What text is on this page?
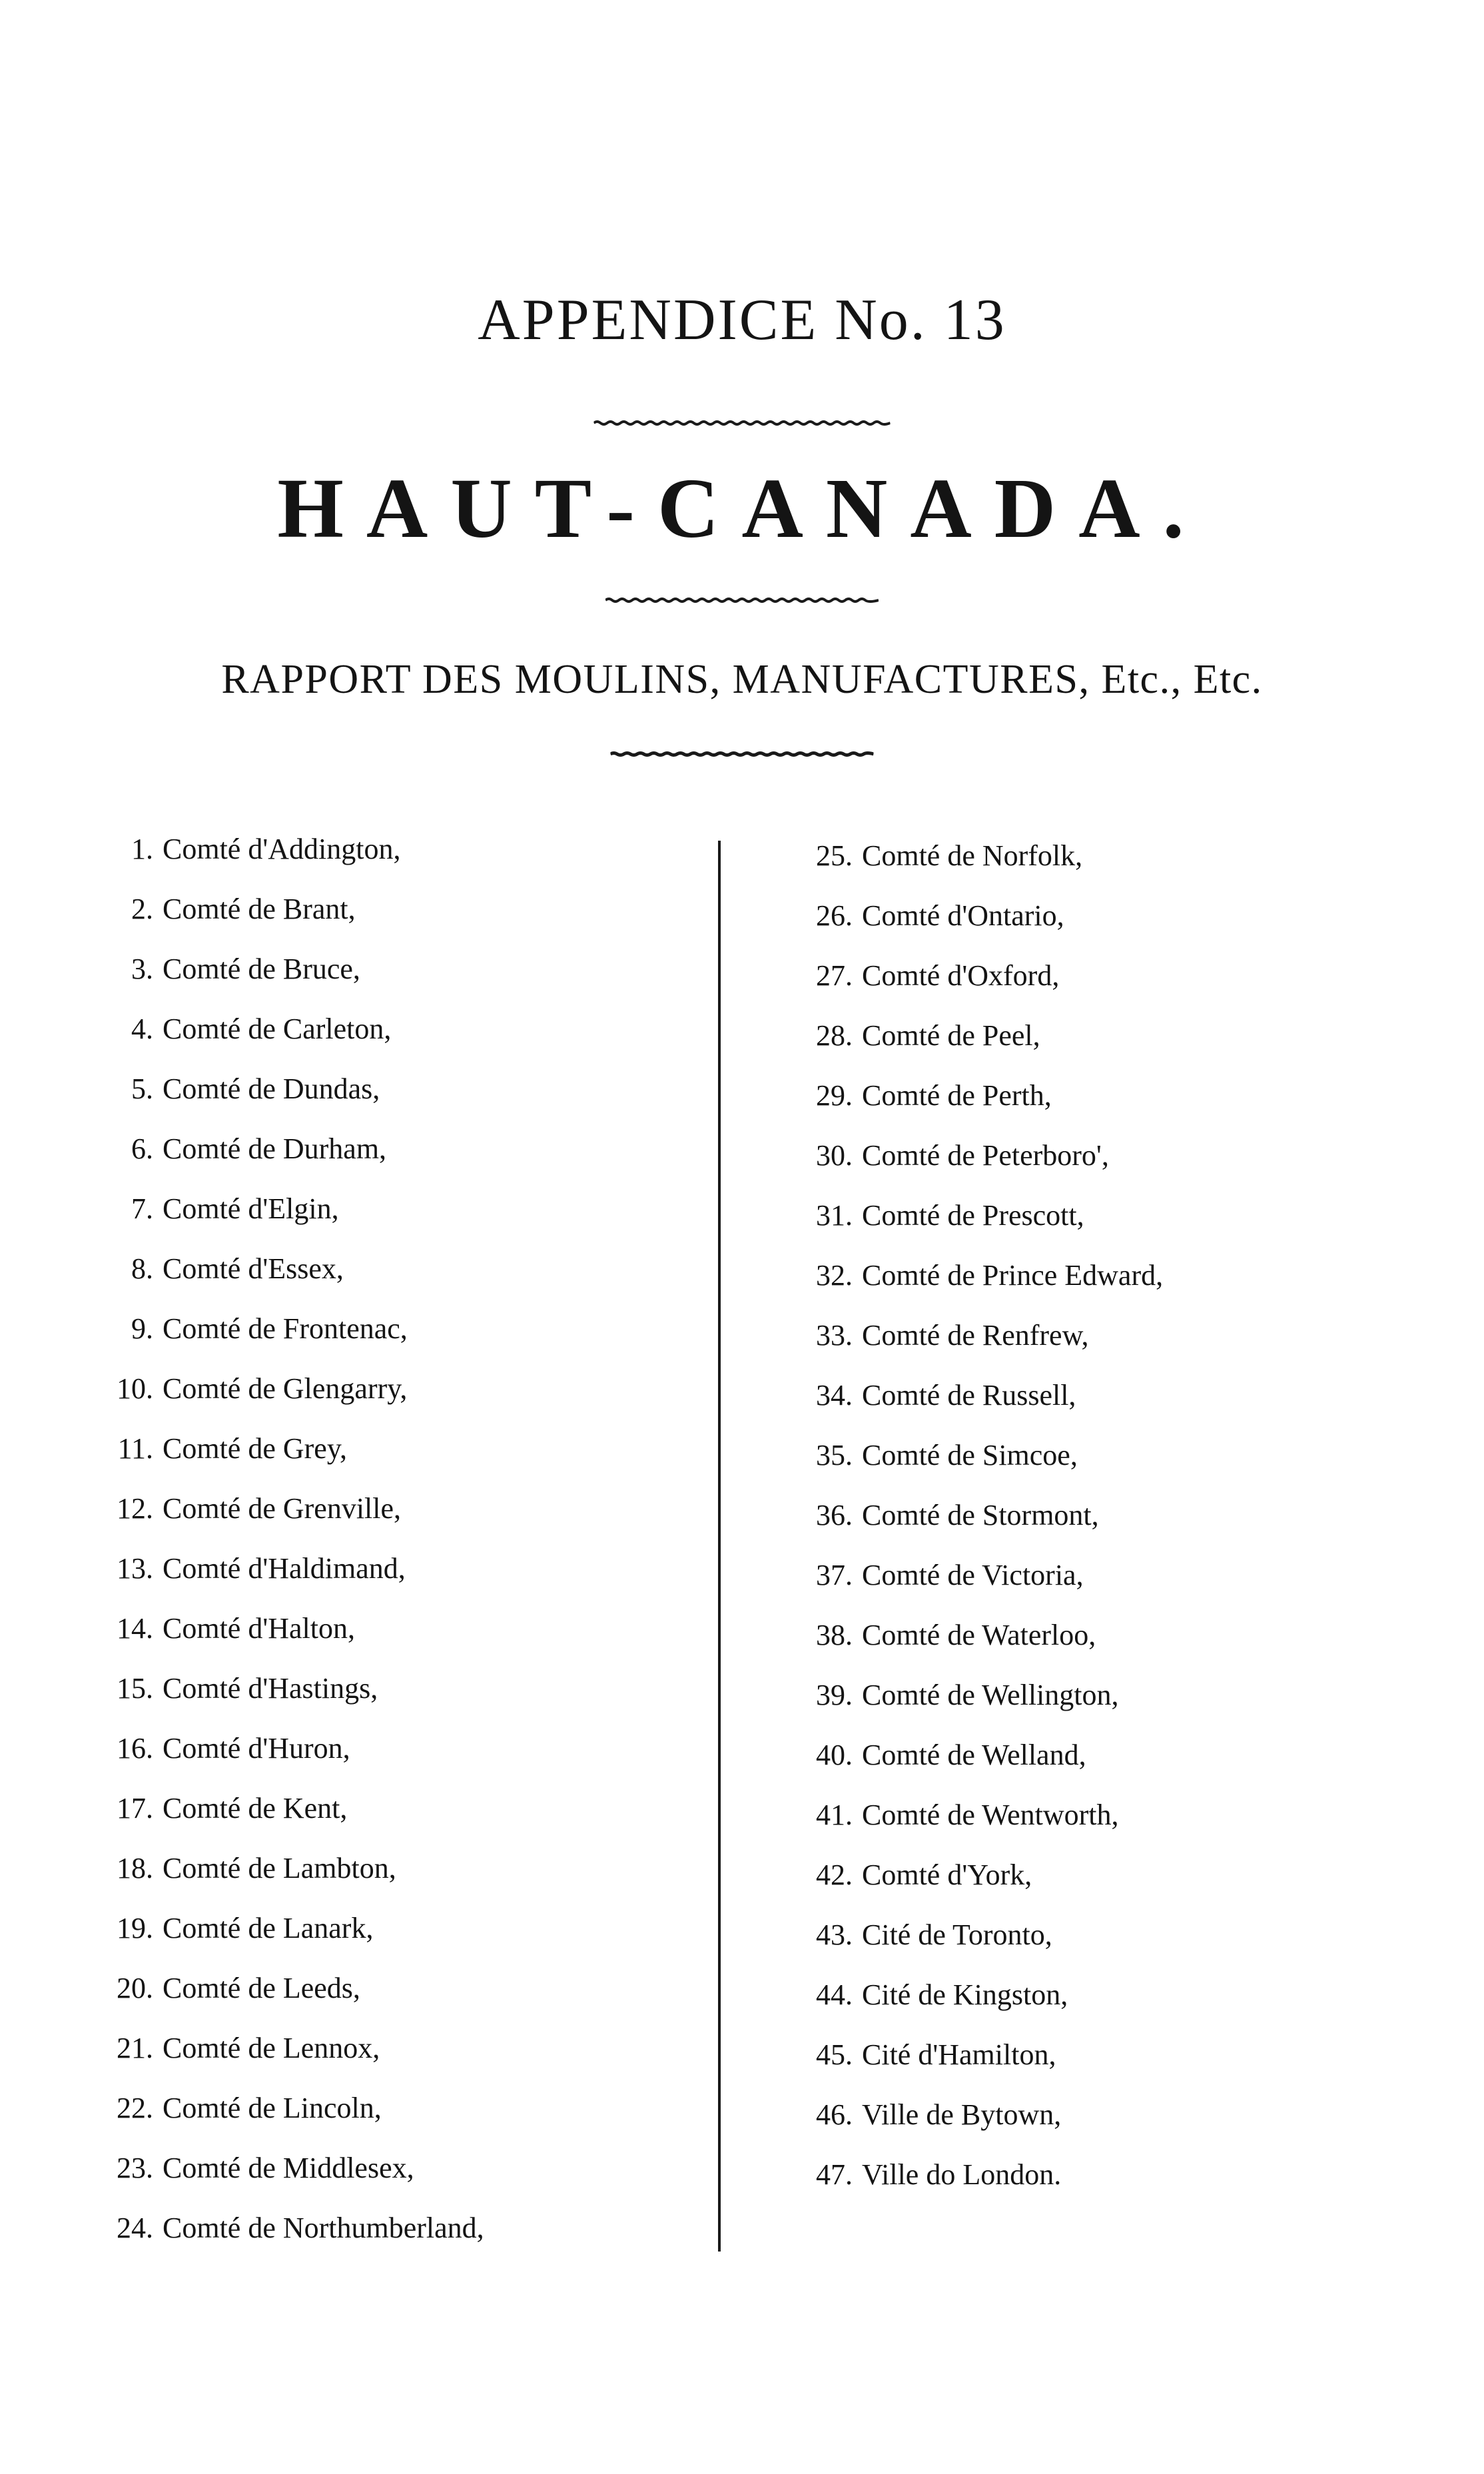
APPENDICE No. 13
HAUT-CANADA.
RAPPORT DES MOULINS, MANUFACTURES, Etc., Etc.
1. Comté d'Addington,
2. Comté de Brant,
3. Comté de Bruce,
4. Comté de Carleton,
5. Comté de Dundas,
6. Comté de Durham,
7. Comté d'Elgin,
8. Comté d'Essex,
9. Comté de Frontenac,
10. Comté de Glengarry,
11. Comté de Grey,
12. Comté de Grenville,
13. Comté d'Haldimand,
14. Comté d'Halton,
15. Comté d'Hastings,
16. Comté d'Huron,
17. Comté de Kent,
18. Comté de Lambton,
19. Comté de Lanark,
20. Comté de Leeds,
21. Comté de Lennox,
22. Comté de Lincoln,
23. Comté de Middlesex,
24. Comté de Northumberland,
25. Comté de Norfolk,
26. Comté d'Ontario,
27. Comté d'Oxford,
28. Comté de Peel,
29. Comté de Perth,
30. Comté de Peterboro',
31. Comté de Prescott,
32. Comté de Prince Edward,
33. Comté de Renfrew,
34. Comté de Russell,
35. Comté de Simcoe,
36. Comté de Stormont,
37. Comté de Victoria,
38. Comté de Waterloo,
39. Comté de Wellington,
40. Comté de Welland,
41. Comté de Wentworth,
42. Comté d'York,
43. Cité de Toronto,
44. Cité de Kingston,
45. Cité d'Hamilton,
46. Ville de Bytown,
47. Ville do London.
